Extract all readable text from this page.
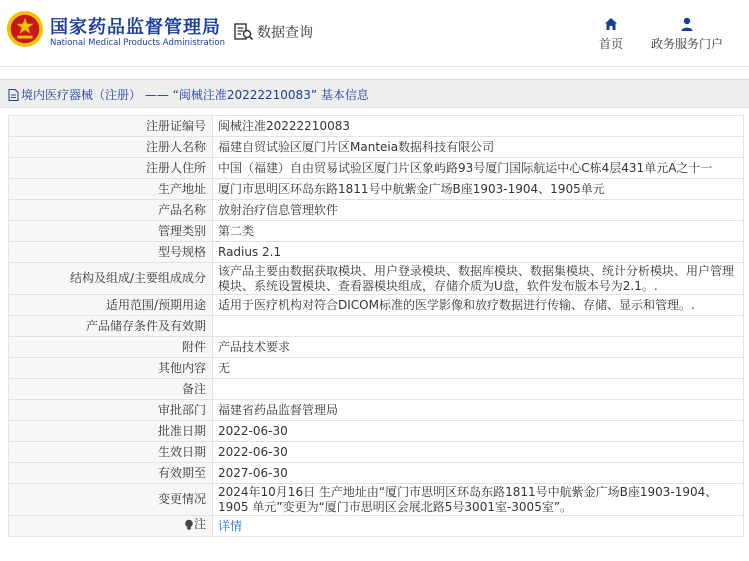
国家药品监督管理局
National Medical Products Administration
数据查询
首页 政务服务门户
境内医疗器械（注册） —— “闽械注准20222210083” 基本信息
注册证编号	闽械注准20222210083
注册人名称	福建自贸试验区厦门片区Manteia数据科技有限公司
注册人住所	中国（福建）自由贸易试验区厦门片区象屿路93号厦门国际航运中心C栋4层431单元A之十一
生产地址	厦门市思明区环岛东路1811号中航紫金广场B座1903-1904、1905单元
产品名称	放射治疗信息管理软件
管理类别	第二类
型号规格	Radius 2.1
结构及组成/主要组成成分	该产品主要由数据获取模块、用户登录模块、数据库模块、数据集模块、统计分析模块、用户管理模块、系统设置模块、查看器模块组成，存储介质为U盘，软件发布版本号为2.1。.
适用范围/预期用途	适用于医疗机构对符合DICOM标准的医学影像和放疗数据进行传输、存储、显示和管理。.
产品储存条件及有效期	
附件	产品技术要求
其他内容	无
备注	
审批部门	福建省药品监督管理局
批准日期	2022-06-30
生效日期	2022-06-30
有效期至	2027-06-30
变更情况	2024年10月16日 生产地址由“厦门市思明区环岛东路1811号中航紫金广场B座1903-1904、1905 单元”变更为“厦门市思明区会展北路5号3001室-3005室”。

注	详情
